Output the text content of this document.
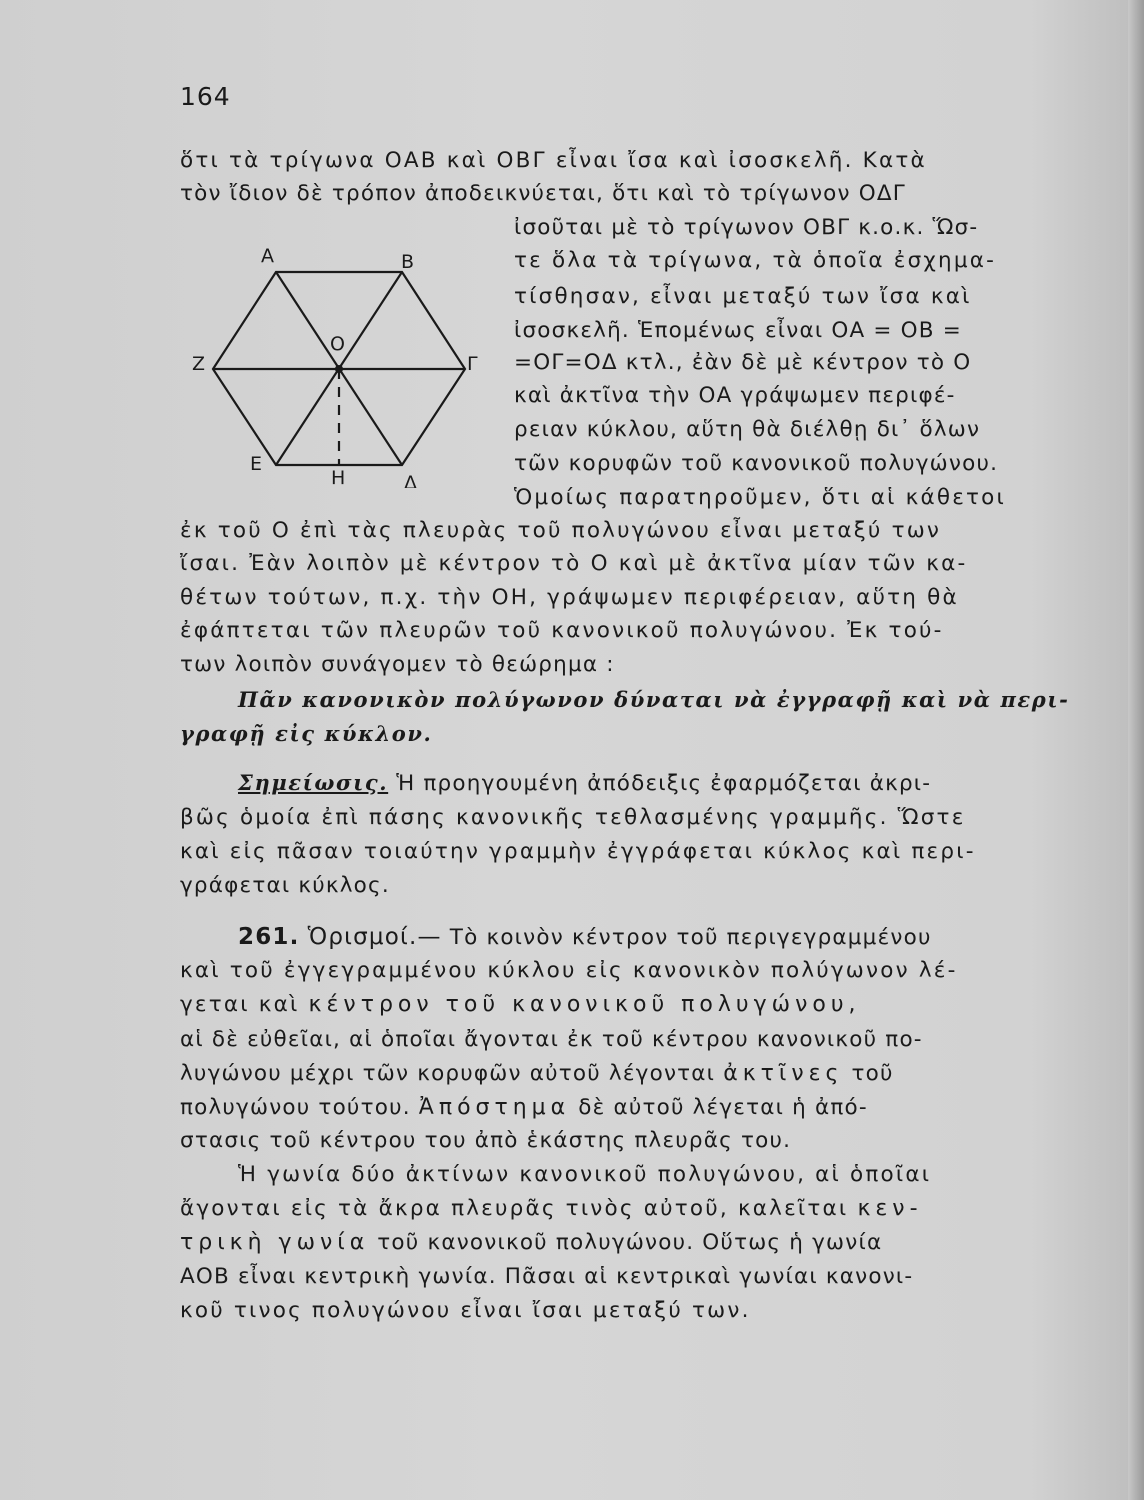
164
Α	Β
Γ
Δ
Ε
Ζ
Ο
Η
ὅτι τὰ τρίγωνα ΟΑΒ καὶ ΟΒΓ εἶναι ἴσα καὶ ἰσοσκελῆ. Κατὰ
τὸν ἴδιον δὲ τρόπον ἀποδεικνύεται, ὅτι καὶ τὸ τρίγωνον ΟΔΓ
ἰσοῦται μὲ τὸ τρίγωνον ΟΒΓ κ.ο.κ. Ὥσ-
τε ὅλα τὰ τρίγωνα, τὰ ὁποῖα ἐσχημα-
τίσθησαν, εἶναι μεταξύ των ἴσα καὶ
ἰσοσκελῆ. Ἑπομένως εἶναι ΟΑ = ΟΒ =
=ΟΓ=ΟΔ κτλ., ἐὰν δὲ μὲ κέντρον τὸ Ο
καὶ ἀκτῖνα τὴν ΟΑ γράψωμεν περιφέ-
ρειαν κύκλου, αὕτη θὰ διέλθῃ δι᾽ ὅλων
τῶν κορυφῶν τοῦ κανονικοῦ πολυγώνου.
Ὁμοίως παρατηροῦμεν, ὅτι αἱ κάθετοι
ἐκ τοῦ Ο ἐπὶ τὰς πλευρὰς τοῦ πολυγώνου εἶναι μεταξύ των
ἴσαι. Ἐὰν λοιπὸν μὲ κέντρον τὸ Ο καὶ μὲ ἀκτῖνα μίαν τῶν κα-
θέτων τούτων, π.χ. τὴν ΟΗ, γράψωμεν περιφέρειαν, αὕτη θὰ
ἐφάπτεται τῶν πλευρῶν τοῦ κανονικοῦ πολυγώνου. Ἐκ τού-
των λοιπὸν συνάγομεν τὸ θεώρημα :
Πᾶν κανονικὸν πολύγωνον δύναται νὰ ἐγγραφῇ καὶ νὰ περι-
γραφῇ εἰς κύκλον.
Σημείωσις. Ἡ προηγουμένη ἀπόδειξις ἐφαρμόζεται ἀκρι-
βῶς ὁμοία ἐπὶ πάσης κανονικῆς τεθλασμένης γραμμῆς. Ὥστε
καὶ εἰς πᾶσαν τοιαύτην γραμμὴν ἐγγράφεται κύκλος καὶ περι-
γράφεται κύκλος.
261. Ὁρισμοί.— Τὸ κοινὸν κέντρον τοῦ περιγεγραμμένου
καὶ τοῦ ἐγγεγραμμένου κύκλου εἰς κανονικὸν πολύγωνον λέ-
γεται καὶ κέντρον τοῦ κανονικοῦ πολυγώνου,
αἱ δὲ εὐθεῖαι, αἱ ὁποῖαι ἄγονται ἐκ τοῦ κέντρου κανονικοῦ πο-
λυγώνου μέχρι τῶν κορυφῶν αὐτοῦ λέγονται ἀκτῖνες τοῦ
πολυγώνου τούτου. Ἀπόστημα δὲ αὐτοῦ λέγεται ἡ ἀπό-
στασις τοῦ κέντρου του ἀπὸ ἑκάστης πλευρᾶς του.
Ἡ γωνία δύο ἀκτίνων κανονικοῦ πολυγώνου, αἱ ὁποῖαι
ἄγονται εἰς τὰ ἄκρα πλευρᾶς τινὸς αὐτοῦ, καλεῖται κεν-
τρικὴ γωνία τοῦ κανονικοῦ πολυγώνου. Οὕτως ἡ γωνία
ΑΟΒ εἶναι κεντρικὴ γωνία. Πᾶσαι αἱ κεντρικαὶ γωνίαι κανονι-
κοῦ τινος πολυγώνου εἶναι ἴσαι μεταξύ των.
